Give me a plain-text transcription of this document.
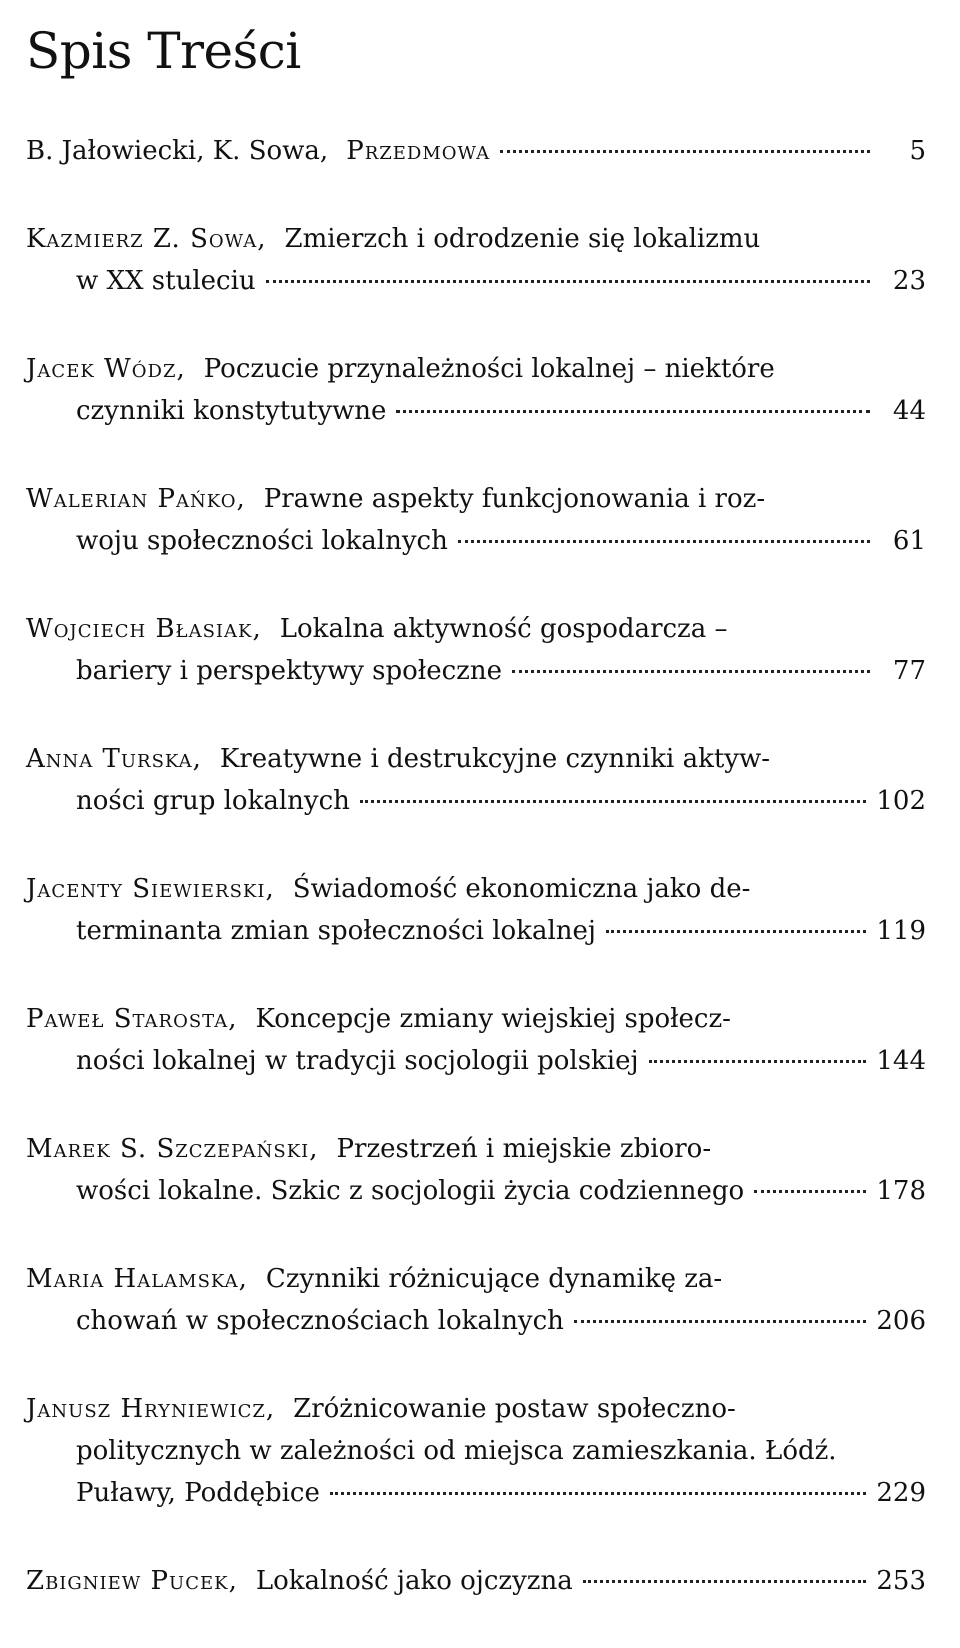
Spis Treści
B. Jałowiecki, K. Sowa, Przedmowa	5
Kazmierz Z. Sowa, Zmierzch i odrodzenie się lokalizmu
w XX stuleciu	23
Jacek Wódz, Poczucie przynależności lokalnej – niektóre
czynniki konstytutywne	44
Walerian Pańko, Prawne aspekty funkcjonowania i roz-
woju społeczności lokalnych	61
Wojciech Błasiak, Lokalna aktywność gospodarcza –
bariery i perspektywy społeczne	77
Anna Turska, Kreatywne i destrukcyjne czynniki aktyw-
ności grup lokalnych	102
Jacenty Siewierski, Świadomość ekonomiczna jako de-
terminanta zmian społeczności lokalnej	119
Paweł Starosta, Koncepcje zmiany wiejskiej społecz-
ności lokalnej w tradycji socjologii polskiej	144
Marek S. Szczepański, Przestrzeń i miejskie zbioro-
wości lokalne. Szkic z socjologii życia codziennego	178
Maria Halamska, Czynniki różnicujące dynamikę za-
chowań w społecznościach lokalnych	206
Janusz Hryniewicz, Zróżnicowanie postaw społeczno-
politycznych w zależności od miejsca zamieszkania. Łódź.
Puławy, Poddębice	229
Zbigniew Pucek, Lokalność jako ojczyzna	253
